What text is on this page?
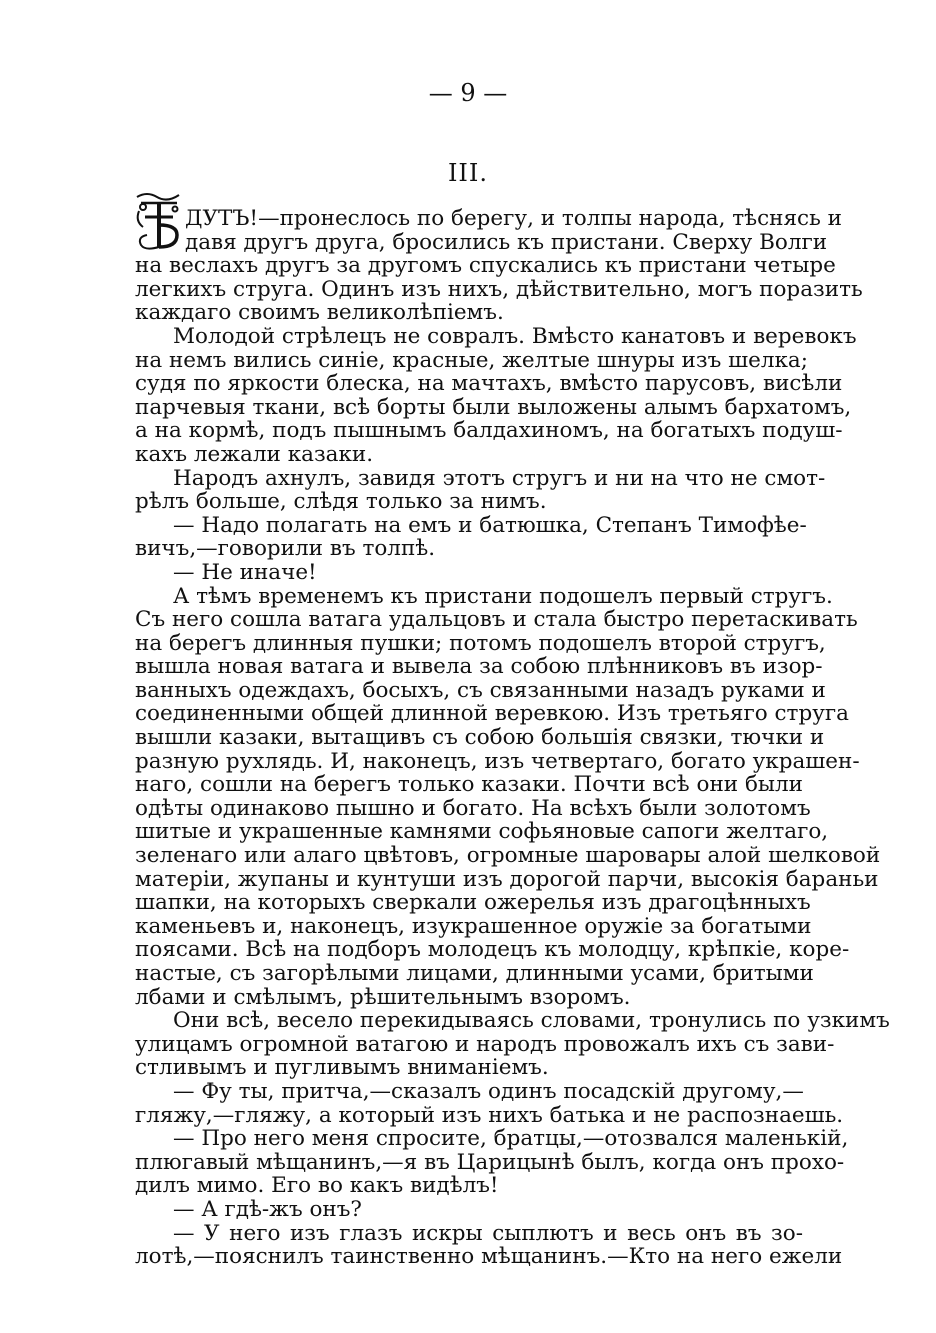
— 9 —
III.
ДУТЪ!—пронеслось по берегу, и толпы народа, тѣснясь и
давя другъ друга, бросились къ пристани. Сверху Волги
на веслахъ другъ за другомъ спускались къ пристани четыре
легкихъ струга. Одинъ изъ нихъ, дѣйствительно, могъ поразить
каждаго своимъ великолѣпіемъ.
Молодой стрѣлецъ не совралъ. Вмѣсто канатовъ и веревокъ
на немъ вились синіе, красные, желтые шнуры изъ шелка;
судя по яркости блеска, на мачтахъ, вмѣсто парусовъ, висѣли
парчевыя ткани, всѣ борты были выложены алымъ бархатомъ,
а на кормѣ, подъ пышнымъ балдахиномъ, на богатыхъ подуш-
кахъ лежали казаки.
Народъ ахнулъ, завидя этотъ стругъ и ни на что не смот-
рѣлъ больше, слѣдя только за нимъ.
— Надо полагать на емъ и батюшка, Степанъ Тимофѣе-
вичъ,—говорили въ толпѣ.
— Не иначе!
А тѣмъ временемъ къ пристани подошелъ первый стругъ.
Съ него сошла ватага удальцовъ и стала быстро перетаскивать
на берегъ длинныя пушки; потомъ подошелъ второй стругъ,
вышла новая ватага и вывела за собою плѣнниковъ въ изор-
ванныхъ одеждахъ, босыхъ, съ связанными назадъ руками и
соединенными общей длинной веревкою. Изъ третьяго струга
вышли казаки, вытащивъ съ собою большія связки, тючки и
разную рухлядь. И, наконецъ, изъ четвертаго, богато украшен-
наго, сошли на берегъ только казаки. Почти всѣ они были
одѣты одинаково пышно и богато. На всѣхъ были золотомъ
шитые и украшенные камнями софьяновые сапоги желтаго,
зеленаго или алаго цвѣтовъ, огромные шаровары алой шелковой
матеріи, жупаны и кунтуши изъ дорогой парчи, высокія бараньи
шапки, на которыхъ сверкали ожерелья изъ драгоцѣнныхъ
каменьевъ и, наконецъ, изукрашенное оружіе за богатыми
поясами. Всѣ на подборъ молодецъ къ молодцу, крѣпкіе, коре-
настые, съ загорѣлыми лицами, длинными усами, бритыми
лбами и смѣлымъ, рѣшительнымъ взоромъ.
Они всѣ, весело перекидываясь словами, тронулись по узкимъ
улицамъ огромной ватагою и народъ провожалъ ихъ съ зави-
стливымъ и пугливымъ вниманіемъ.
— Фу ты, притча,—сказалъ одинъ посадскій другому,—
гляжу,—гляжу, а который изъ нихъ батька и не распознаешь.
— Про него меня спросите, братцы,—отозвался маленькій,
плюгавый мѣщанинъ,—я въ Царицынѣ былъ, когда онъ прохо-
дилъ мимо. Его во какъ видѣлъ!
— А гдѣ-жъ онъ?
— У него изъ глазъ искры сыплютъ и весь онъ въ зо-
лотѣ,—пояснилъ таинственно мѣщанинъ.—Кто на него ежели
